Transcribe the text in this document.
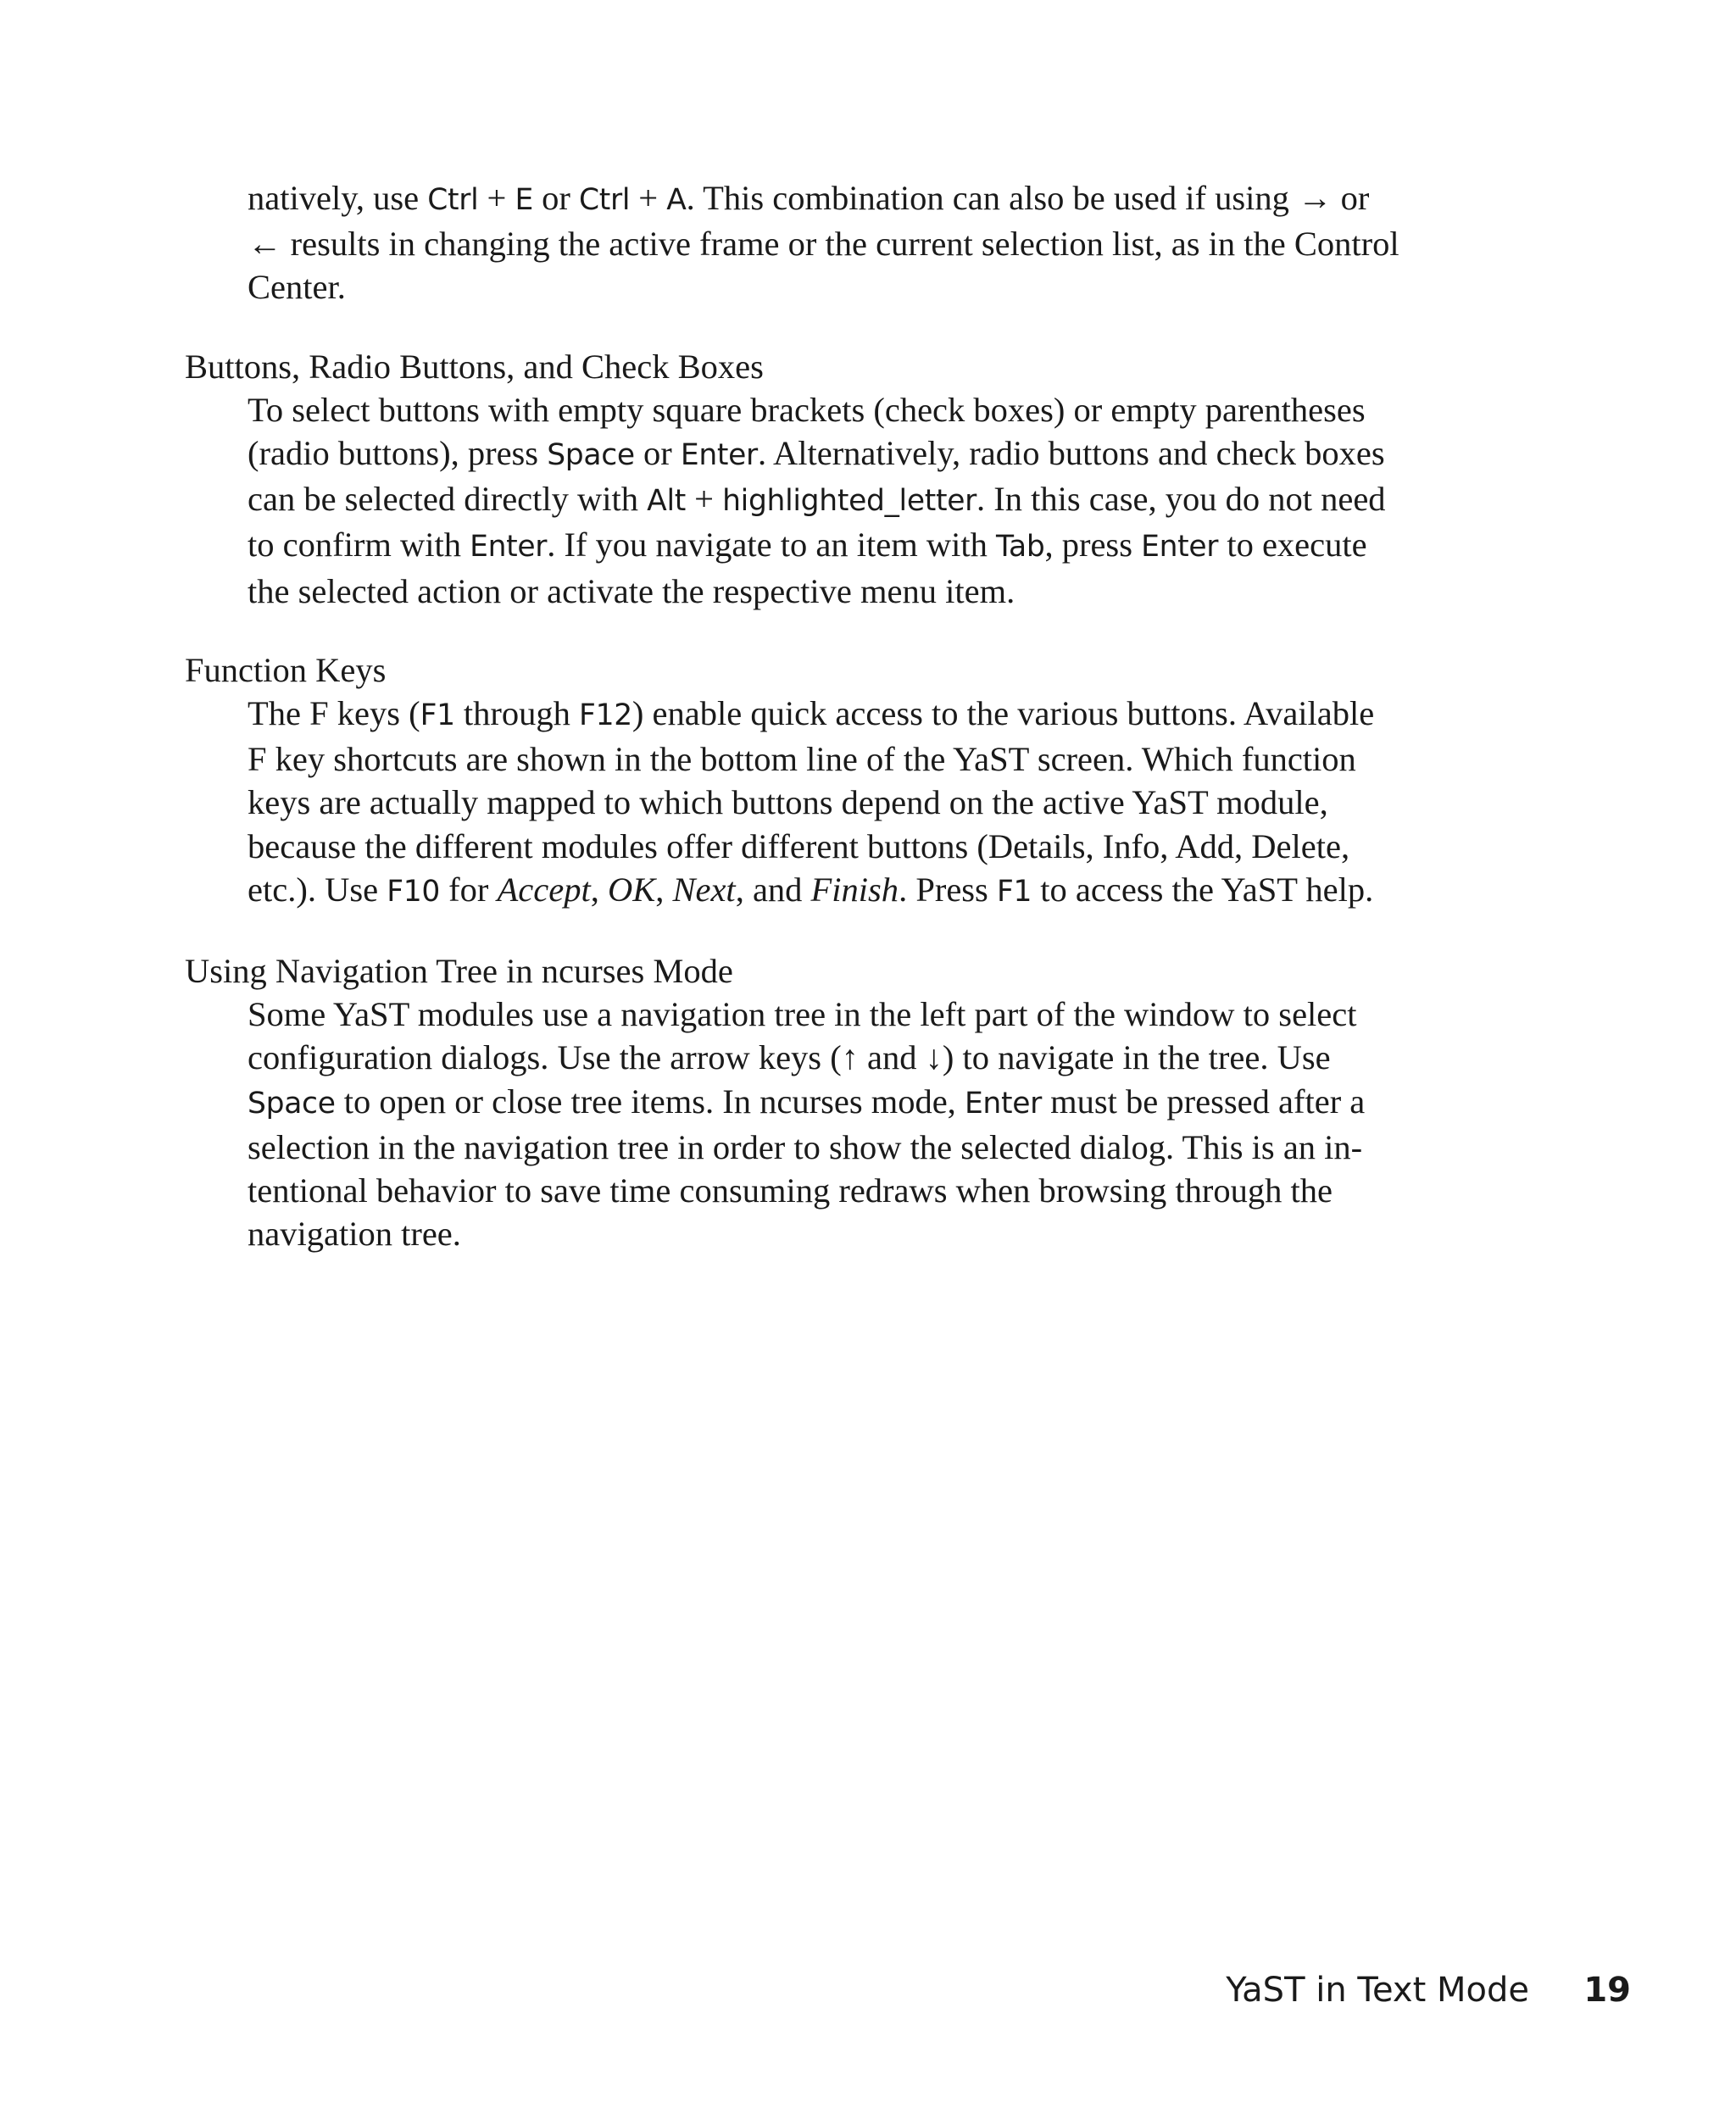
natively, use Ctrl + E or Ctrl + A. This combination can also be used if using → or
← results in changing the active frame or the current selection list, as in the Control
Center.
Buttons, Radio Buttons, and Check Boxes
To select buttons with empty square brackets (check boxes) or empty parentheses
(radio buttons), press Space or Enter. Alternatively, radio buttons and check boxes
can be selected directly with Alt + highlighted_letter. In this case, you do not need
to confirm with Enter. If you navigate to an item with Tab, press Enter to execute
the selected action or activate the respective menu item.
Function Keys
The F keys (F1 through F12) enable quick access to the various buttons. Available
F key shortcuts are shown in the bottom line of the YaST screen. Which function
keys are actually mapped to which buttons depend on the active YaST module,
because the different modules offer different buttons (Details, Info, Add, Delete,
etc.). Use F10 for Accept, OK, Next, and Finish. Press F1 to access the YaST help.
Using Navigation Tree in ncurses Mode
Some YaST modules use a navigation tree in the left part of the window to select
configuration dialogs. Use the arrow keys (↑ and ↓) to navigate in the tree. Use
Space to open or close tree items. In ncurses mode, Enter must be pressed after a
selection in the navigation tree in order to show the selected dialog. This is an in-
tentional behavior to save time consuming redraws when browsing through the
navigation tree.
YaST in Text Mode 19
